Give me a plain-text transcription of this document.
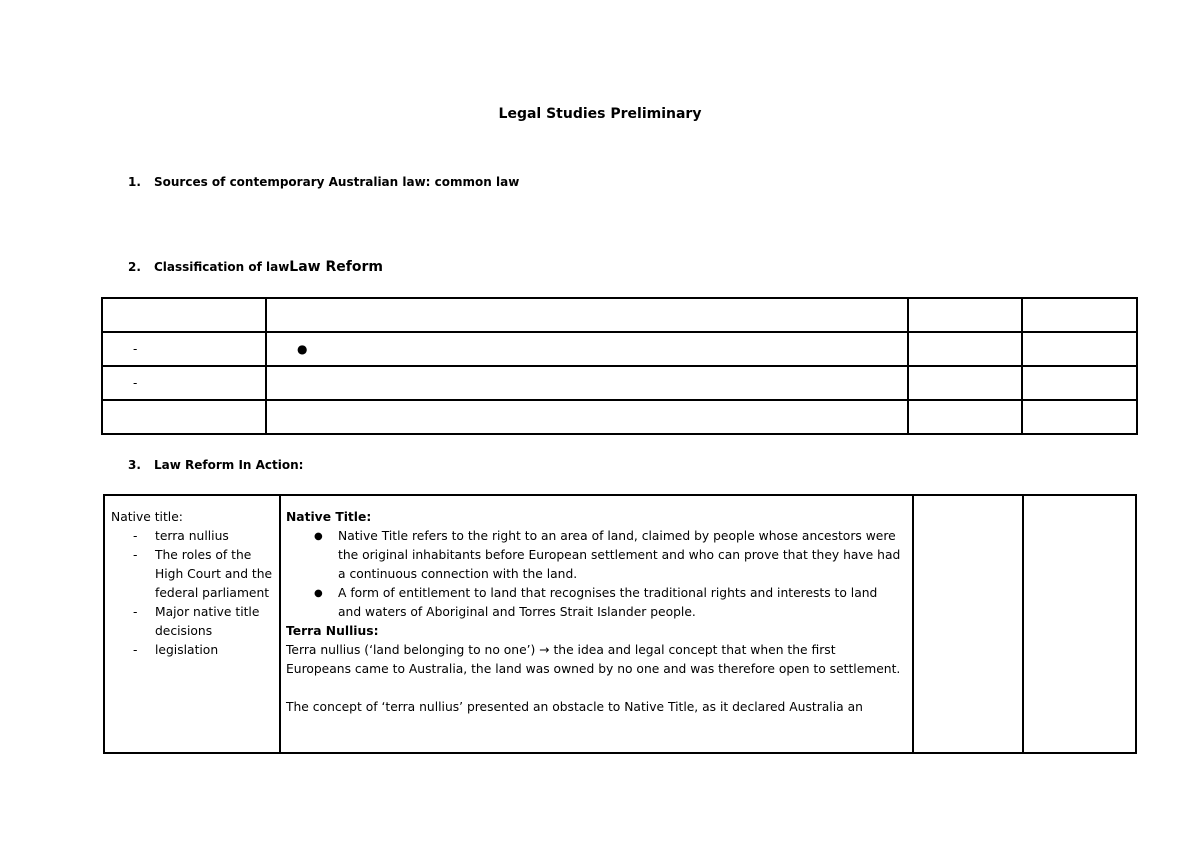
Legal Studies Preliminary
1. Sources of contemporary Australian law: common law
2. Classification of lawLaw Reform

-	●		
-			

3. Law Reform In Action:
Native title:
-	terra nullius
-	The roles of the High Court and the federal parliament
-	Major native title decisions
-	legislation

Native Title:
●	Native Title refers to the right to an area of land, claimed by people whose ancestors were the original inhabitants before European settlement and who can prove that they have had a continuous connection with the land.
●	A form of entitlement to land that recognises the traditional rights and interests to land and waters of Aboriginal and Torres Strait Islander people.
Terra Nullius:
Terra nullius (‘land belonging to no one’) → the idea and legal concept that when the first Europeans came to Australia, the land was owned by no one and was therefore open to settlement.
The concept of ‘terra nullius’ presented an obstacle to Native Title, as it declared Australia an
